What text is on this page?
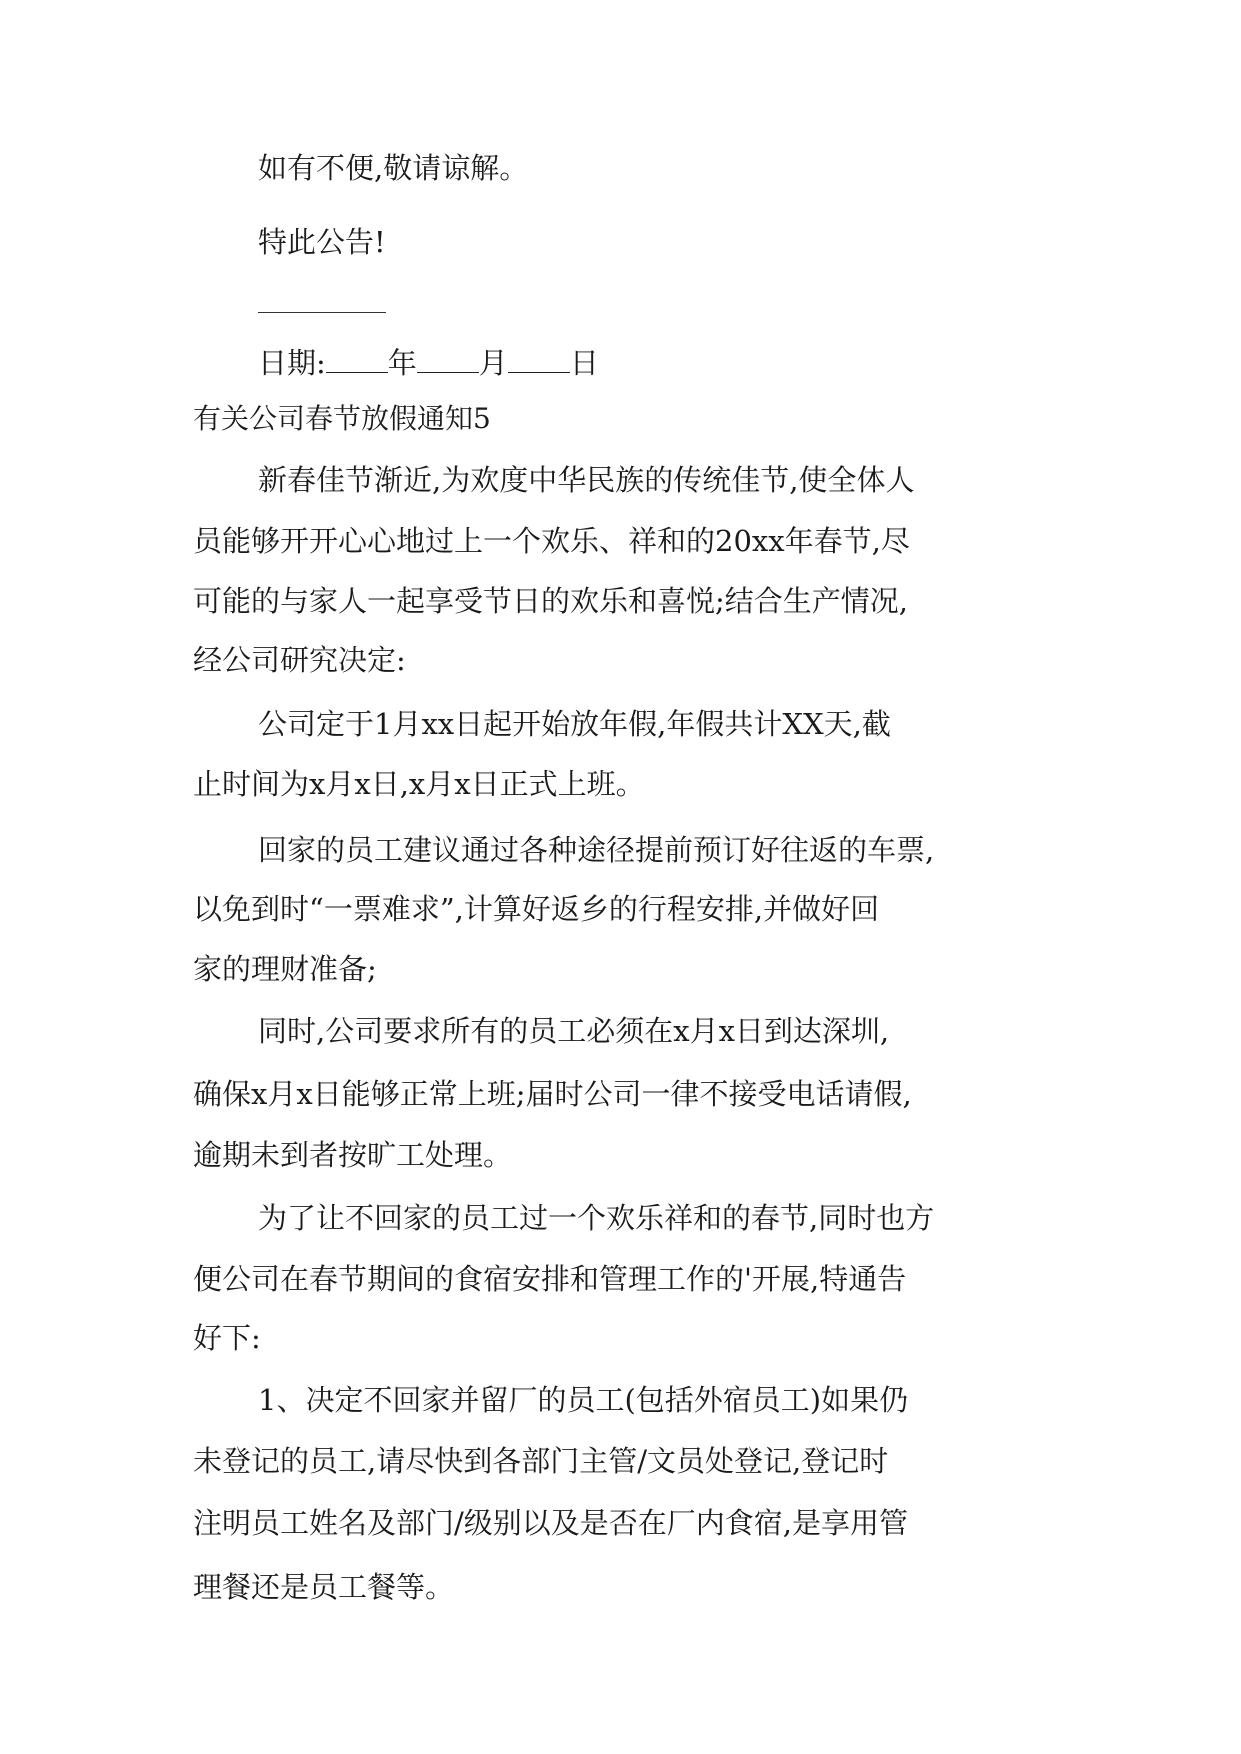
如有不便,敬请谅解。
特此公告!
日期: 年 月 日
有关公司春节放假通知5
新春佳节渐近,为欢度中华民族的传统佳节,使全体人
员能够开开心心地过上一个欢乐、祥和的20xx年春节,尽
可能的与家人一起享受节日的欢乐和喜悦;结合生产情况,
经公司研究决定:
公司定于1月xx日起开始放年假,年假共计XX天,截
止时间为x月x日,x月x日正式上班。
回家的员工建议通过各种途径提前预订好往返的车票,
以免到时“一票难求”,计算好返乡的行程安排,并做好回
家的理财准备;
同时,公司要求所有的员工必须在x月x日到达深圳,
确保x月x日能够正常上班;届时公司一律不接受电话请假,
逾期未到者按旷工处理。
为了让不回家的员工过一个欢乐祥和的春节,同时也方
便公司在春节期间的食宿安排和管理工作的'开展,特通告
好下:
1、决定不回家并留厂的员工(包括外宿员工)如果仍
未登记的员工,请尽快到各部门主管/文员处登记,登记时
注明员工姓名及部门/级别以及是否在厂内食宿,是享用管
理餐还是员工餐等。
